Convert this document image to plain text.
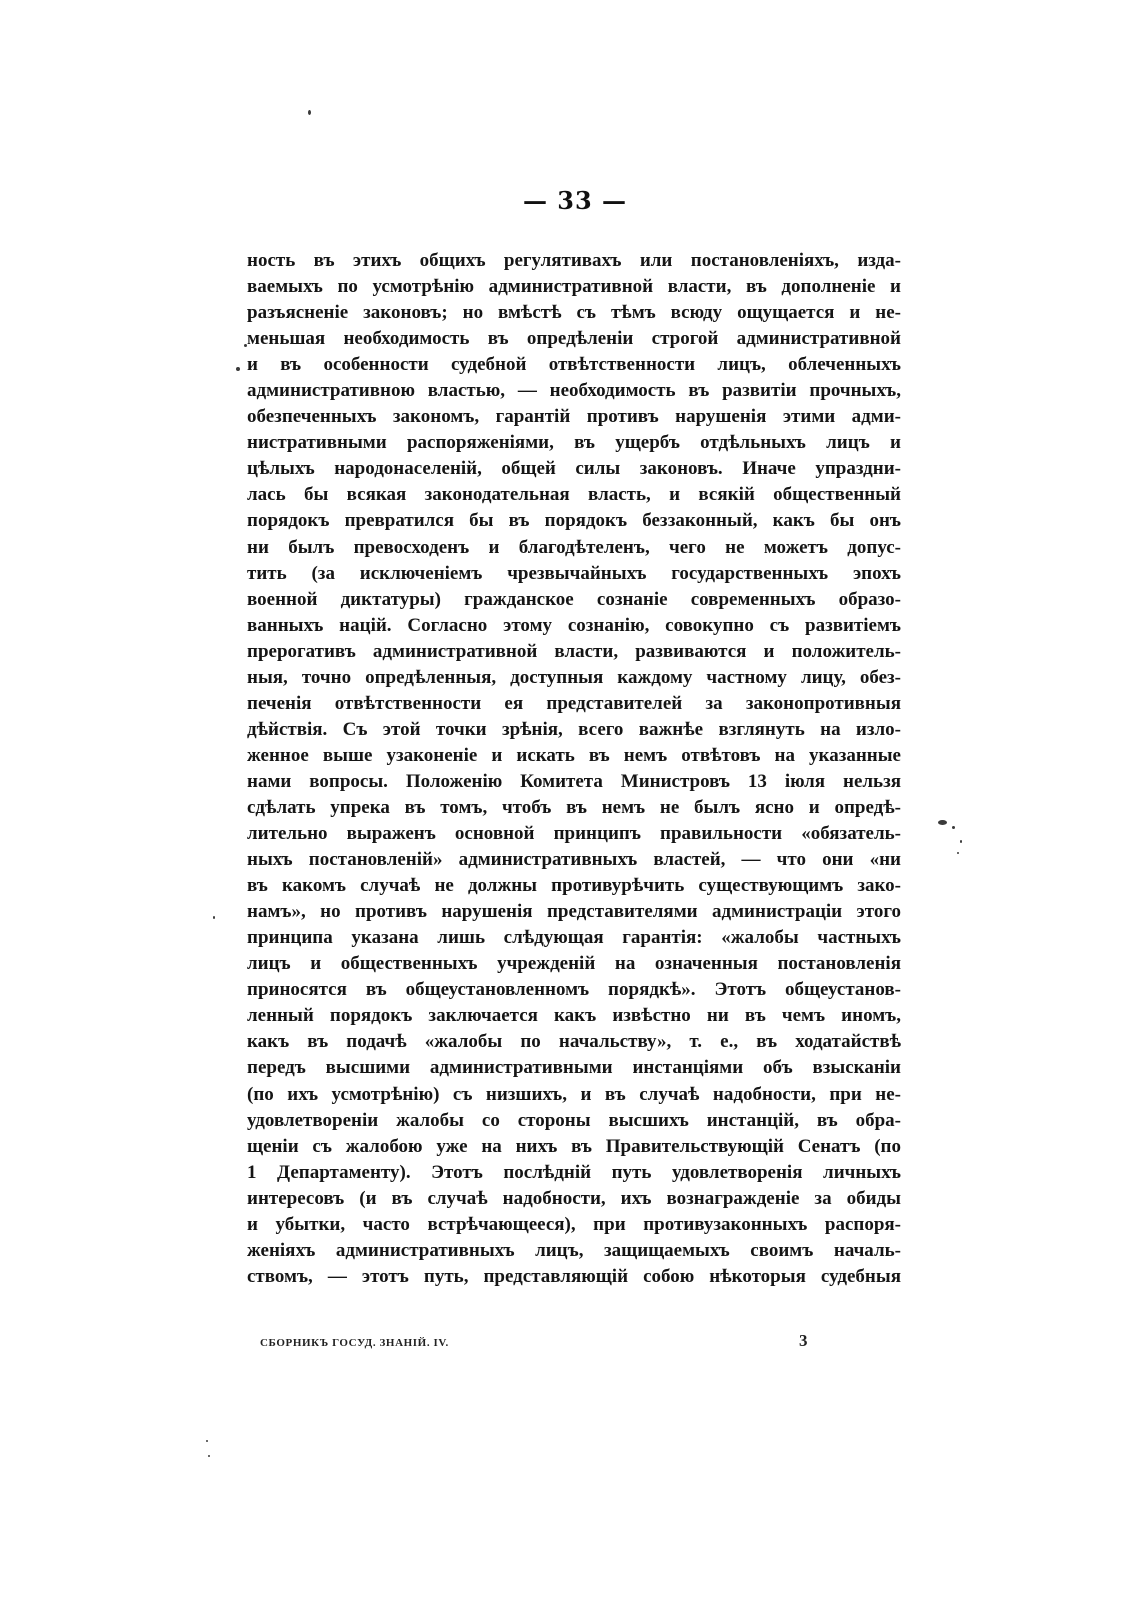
— 33 —
ность въ этихъ общихъ регулятивахъ или постановленіяхъ, изда-
ваемыхъ по усмотрѣнію административной власти, въ дополненіе и
разъясненіе законовъ; но вмѣстѣ съ тѣмъ всюду ощущается и не-
меньшая необходимость въ опредѣленіи строгой административной
и въ особенности судебной отвѣтственности лицъ, облеченныхъ
административною властью, — необходимость въ развитіи прочныхъ,
обезпеченныхъ закономъ, гарантій противъ нарушенія этими адми-
нистративными распоряженіями, въ ущербъ отдѣльныхъ лицъ и
цѣлыхъ народонаселеній, общей силы законовъ. Иначе упраздни-
лась бы всякая законодательная власть, и всякій общественный
порядокъ превратился бы въ порядокъ беззаконный, какъ бы онъ
ни былъ превосходенъ и благодѣтеленъ, чего не можетъ допус-
тить (за исключеніемъ чрезвычайныхъ государственныхъ эпохъ
военной диктатуры) гражданское сознаніе современныхъ образо-
ванныхъ націй. Согласно этому сознанію, совокупно съ развитіемъ
прерогативъ административной власти, развиваются и положитель-
ныя, точно опредѣленныя, доступныя каждому частному лицу, обез-
печенія отвѣтственности ея представителей за законопротивныя
дѣйствія. Съ этой точки зрѣнія, всего важнѣе взглянуть на изло-
женное выше узаконеніе и искать въ немъ отвѣтовъ на указанные
нами вопросы. Положенію Комитета Министровъ 13 іюля нельзя
сдѣлать упрека въ томъ, чтобъ въ немъ не былъ ясно и опредѣ-
лительно выраженъ основной принципъ правильности «обязатель-
ныхъ постановленій» административныхъ властей, — что они «ни
въ какомъ случаѣ не должны противурѣчить существующимъ зако-
намъ», но противъ нарушенія представителями администраціи этого
принципа указана лишь слѣдующая гарантія: «жалобы частныхъ
лицъ и общественныхъ учрежденій на означенныя постановленія
приносятся въ общеустановленномъ порядкѣ». Этотъ общеустанов-
ленный порядокъ заключается какъ извѣстно ни въ чемъ иномъ,
какъ въ подачѣ «жалобы по начальству», т. е., въ ходатайствѣ
передъ высшими административными инстанціями объ взысканіи
(по ихъ усмотрѣнію) съ низшихъ, и въ случаѣ надобности, при не-
удовлетвореніи жалобы со стороны высшихъ инстанцій, въ обра-
щеніи съ жалобою уже на нихъ въ Правительствующій Сенатъ (по
1 Департаменту). Этотъ послѣдній путь удовлетворенія личныхъ
интересовъ (и въ случаѣ надобности, ихъ вознагражденіе за обиды
и убытки, часто встрѣчающееся), при противузаконныхъ распоря-
женіяхъ административныхъ лицъ, защищаемыхъ своимъ началь-
ствомъ, — этотъ путь, представляющій собою нѣкоторыя судебныя
СБОРНИКЪ ГОСУД. ЗНАНІЙ. IV.	3
